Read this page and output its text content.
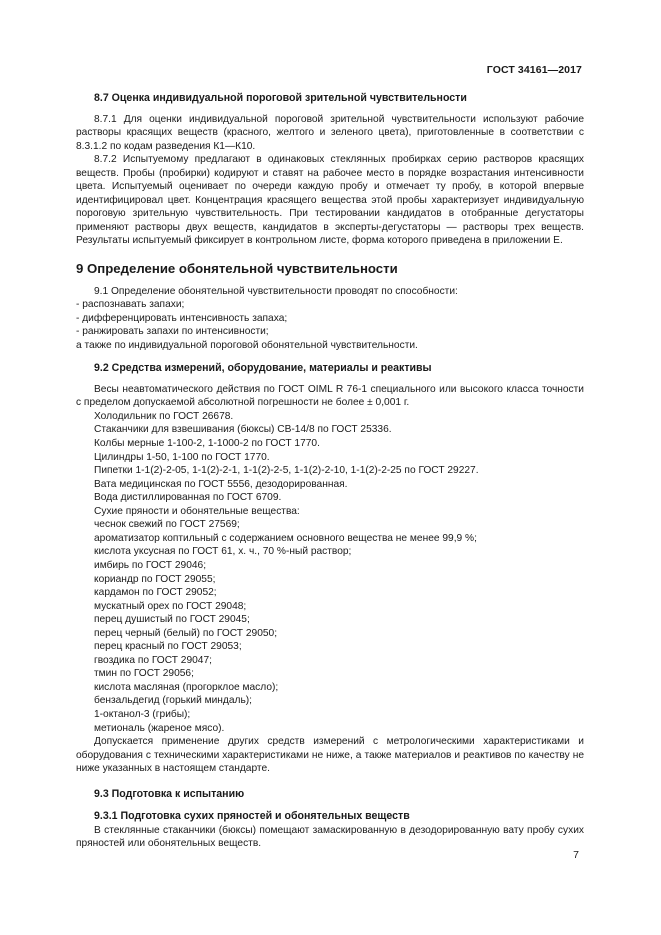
ГОСТ 34161—2017

8.7 Оценка индивидуальной пороговой зрительной чувствительности

8.7.1 Для оценки индивидуальной пороговой зрительной чувствительности используют рабочие

растворы красящих веществ (красного, желтого и зеленого цвета), приготовленные в соответствии с

8.3.1.2 по кодам разведения К1—К10.

8.7.2 Испытуемому предлагают в одинаковых стеклянных пробирках серию растворов красящих веществ. Пробы (пробирки) кодируют и ставят на рабочее место в порядке возрастания интенсивности цвета. Испытуемый оценивает по очереди каждую пробу и отмечает ту пробу, в которой впервые идентифицировал цвет. Концентрация красящего вещества этой пробы характеризует индивидуальную пороговую зрительную чувствительность. При тестировании кандидатов в отобранные дегустаторы применяют растворы двух веществ, кандидатов в эксперты-дегустаторы — растворы трех веществ. Результаты испытуемый фиксирует в контрольном листе, форма которого приведена в приложении Е.

9 Определение обонятельной чувствительности

9.1 Определение обонятельной чувствительности проводят по способности:

- распознавать запахи;
- дифференцировать интенсивность запаха;
- ранжировать запахи по интенсивности;
а также по индивидуальной пороговой обонятельной чувствительности.

9.2 Средства измерений, оборудование, материалы и реактивы

Весы неавтоматического действия по ГОСТ OIML R 76-1 специального или высокого класса точности с пределом допускаемой абсолютной погрешности не более ± 0,001 г.

Холодильник по ГОСТ 26678.
Стаканчики для взвешивания (бюксы) СВ-14/8 по ГОСТ 25336.
Колбы мерные 1-100-2, 1-1000-2 по ГОСТ 1770.
Цилиндры 1-50, 1-100 по ГОСТ 1770.
Пипетки 1-1(2)-2-05, 1-1(2)-2-1, 1-1(2)-2-5, 1-1(2)-2-10, 1-1(2)-2-25 по ГОСТ 29227.
Вата медицинская по ГОСТ 5556, дезодорированная.
Вода дистиллированная по ГОСТ 6709.
Сухие пряности и обонятельные вещества:
чеснок свежий по ГОСТ 27569;
ароматизатор коптильный с содержанием основного вещества не менее 99,9 %;
кислота уксусная по ГОСТ 61, х. ч., 70 %-ный раствор;
имбирь по ГОСТ 29046;
кориандр по ГОСТ 29055;
кардамон по ГОСТ 29052;
мускатный орех по ГОСТ 29048;
перец душистый по ГОСТ 29045;
перец черный (белый) по ГОСТ 29050;
перец красный по ГОСТ 29053;
гвоздика по ГОСТ 29047;
тмин по ГОСТ 29056;
кислота масляная (прогорклое масло);
бензальдегид (горький миндаль);
1-октанол-3 (грибы);
метиональ (жареное мясо).

Допускается применение других средств измерений с метрологическими характеристиками и оборудования с техническими характеристиками не ниже, а также материалов и реактивов по качеству не ниже указанных в настоящем стандарте.

9.3 Подготовка к испытанию

9.3.1 Подготовка сухих пряностей и обонятельных веществ

В стеклянные стаканчики (бюксы) помещают замаскированную в дезодорированную вату пробу сухих пряностей или обонятельных веществ.

7
